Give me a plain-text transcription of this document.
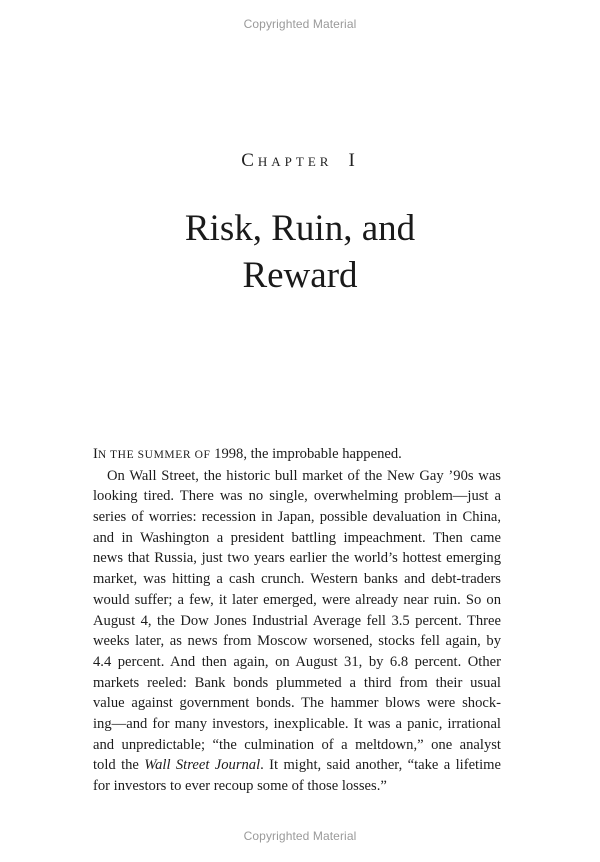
Copyrighted Material
CHAPTER I
Risk, Ruin, and
Reward
IN THE SUMMER OF 1998, the improbable happened.
On Wall Street, the historic bull market of the New Gay ’90s was
looking tired. There was no single, overwhelming problem—just a
series of worries: recession in Japan, possible devaluation in China,
and in Washington a president battling impeachment. Then came
news that Russia, just two years earlier the world’s hottest emerging
market, was hitting a cash crunch. Western banks and debt-traders
would suffer; a few, it later emerged, were already near ruin. So on
August 4, the Dow Jones Industrial Average fell 3.5 percent. Three
weeks later, as news from Moscow worsened, stocks fell again, by
4.4 percent. And then again, on August 31, by 6.8 percent. Other
markets reeled: Bank bonds plummeted a third from their usual
value against government bonds. The hammer blows were shock-
ing—and for many investors, inexplicable. It was a panic, irrational
and unpredictable; “the culmination of a meltdown,” one analyst
told the Wall Street Journal. It might, said another, “take a lifetime
for investors to ever recoup some of those losses.”
Copyrighted Material
